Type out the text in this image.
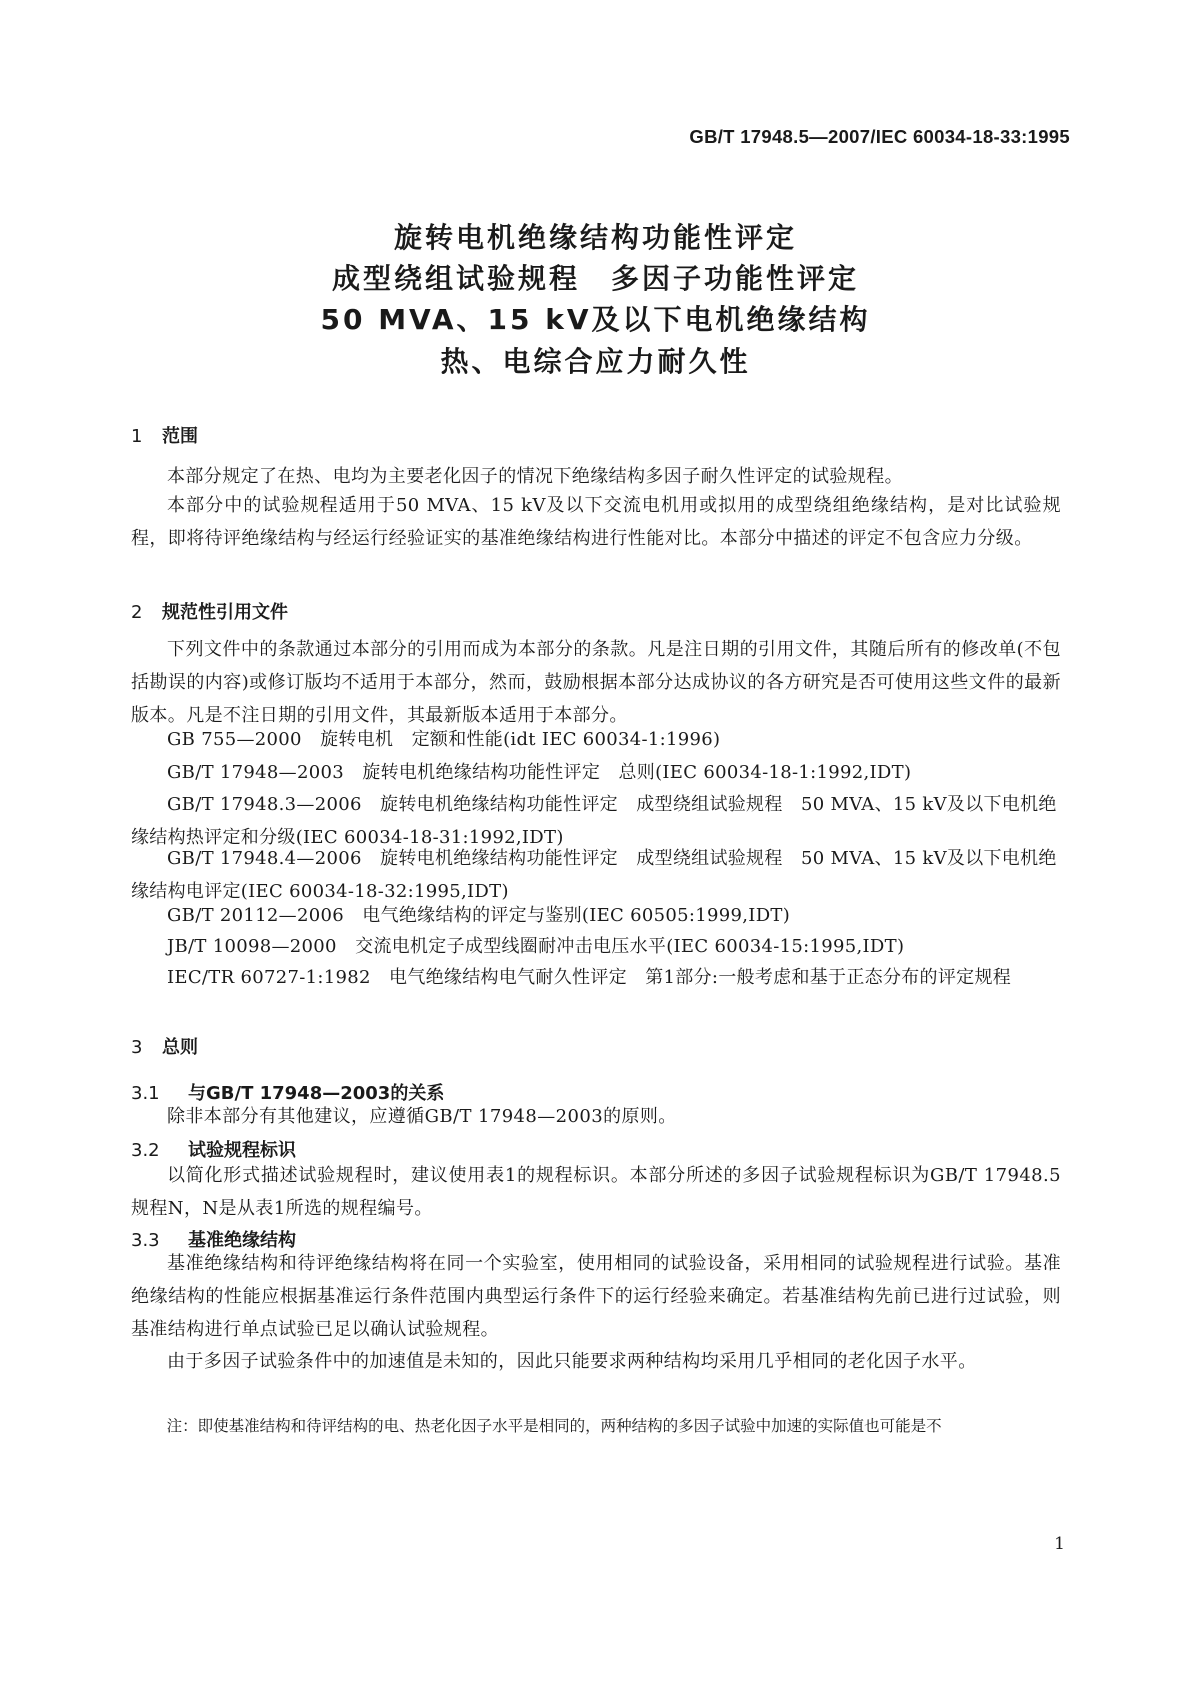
GB/T 17948.5—2007/IEC 60034-18-33:1995
旋转电机绝缘结构功能性评定
成型绕组试验规程　多因子功能性评定
50 MVA、15 kV及以下电机绝缘结构
热、电综合应力耐久性
1 范围

本部分规定了在热、电均为主要老化因子的情况下绝缘结构多因子耐久性评定的试验规程。

本部分中的试验规程适用于50 MVA、15 kV及以下交流电机用或拟用的成型绕组绝缘结构，是对比试验规程，即将待评绝缘结构与经运行经验证实的基准绝缘结构进行性能对比。本部分中描述的评定不包含应力分级。

2 规范性引用文件

下列文件中的条款通过本部分的引用而成为本部分的条款。凡是注日期的引用文件，其随后所有的修改单(不包括勘误的内容)或修订版均不适用于本部分，然而，鼓励根据本部分达成协议的各方研究是否可使用这些文件的最新版本。凡是不注日期的引用文件，其最新版本适用于本部分。

GB 755—2000　旋转电机　定额和性能(idt IEC 60034-1:1996)

GB/T 17948—2003　旋转电机绝缘结构功能性评定　总则(IEC 60034-18-1:1992,IDT)

GB/T 17948.3—2006　旋转电机绝缘结构功能性评定　成型绕组试验规程　50 MVA、15 kV及以下电机绝缘结构热评定和分级(IEC 60034-18-31:1992,IDT)

GB/T 17948.4—2006　旋转电机绝缘结构功能性评定　成型绕组试验规程　50 MVA、15 kV及以下电机绝缘结构电评定(IEC 60034-18-32:1995,IDT)

GB/T 20112—2006　电气绝缘结构的评定与鉴别(IEC 60505:1999,IDT)

JB/T 10098—2000　交流电机定子成型线圈耐冲击电压水平(IEC 60034-15:1995,IDT)

IEC/TR 60727-1:1982　电气绝缘结构电气耐久性评定　第1部分:一般考虑和基于正态分布的评定规程

3 总则
3.1 与GB/T 17948—2003的关系

除非本部分有其他建议，应遵循GB/T 17948—2003的原则。

3.2 试验规程标识

以简化形式描述试验规程时，建议使用表1的规程标识。本部分所述的多因子试验规程标识为GB/T 17948.5规程N，N是从表1所选的规程编号。

3.3 基准绝缘结构

基准绝缘结构和待评绝缘结构将在同一个实验室，使用相同的试验设备，采用相同的试验规程进行试验。基准绝缘结构的性能应根据基准运行条件范围内典型运行条件下的运行经验来确定。若基准结构先前已进行过试验，则基准结构进行单点试验已足以确认试验规程。

由于多因子试验条件中的加速值是未知的，因此只能要求两种结构均采用几乎相同的老化因子水平。

注：即使基准结构和待评结构的电、热老化因子水平是相同的，两种结构的多因子试验中加速的实际值也可能是不

1
